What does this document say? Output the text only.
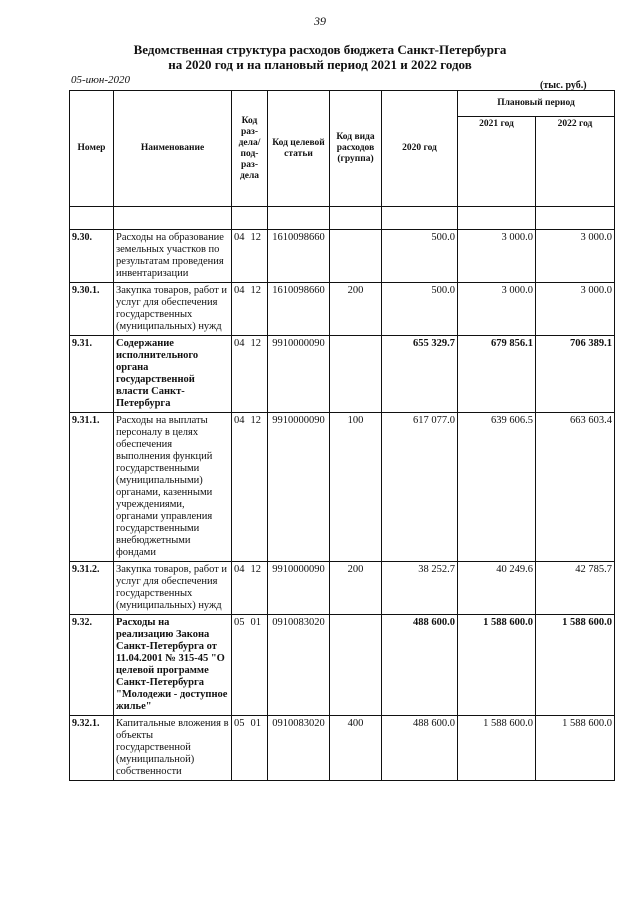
39
Ведомственная структура расходов бюджета Санкт-Петербурга
на 2020 год и на плановый период 2021 и 2022 годов
05-июн-2020	(тыс. руб.)
Номер	Наименование	Код раз-дела/ под-раз-дела	Код целевой статьи	Код вида расходов (группа)	2020 год	Плановый период	
						2021 год	2022 год

9.30.	Расходы на образование земельных участков по результатам проведения инвентаризации	04 12	1610098660		500.0	3 000.0	3 000.0
9.30.1.	Закупка товаров, работ и услуг для обеспечения государственных (муниципальных) нужд	04 12	1610098660	200	500.0	3 000.0	3 000.0
9.31.	Содержание исполнительного органа государственной власти Санкт-Петербурга	04 12	9910000090		655 329.7	679 856.1	706 389.1
9.31.1.	Расходы на выплаты персоналу в целях обеспечения выполнения функций государственными (муниципальными) органами, казенными учреждениями, органами управления государственными внебюджетными фондами	04 12	9910000090	100	617 077.0	639 606.5	663 603.4
9.31.2.	Закупка товаров, работ и услуг для обеспечения государственных (муниципальных) нужд	04 12	9910000090	200	38 252.7	40 249.6	42 785.7
9.32.	Расходы на реализацию Закона Санкт-Петербурга от 11.04.2001 № 315-45 "О целевой программе Санкт-Петербурга "Молодежи - доступное жилье"	05 01	0910083020		488 600.0	1 588 600.0	1 588 600.0
9.32.1.	Капитальные вложения в объекты государственной (муниципальной) собственности	05 01	0910083020	400	488 600.0	1 588 600.0	1 588 600.0
